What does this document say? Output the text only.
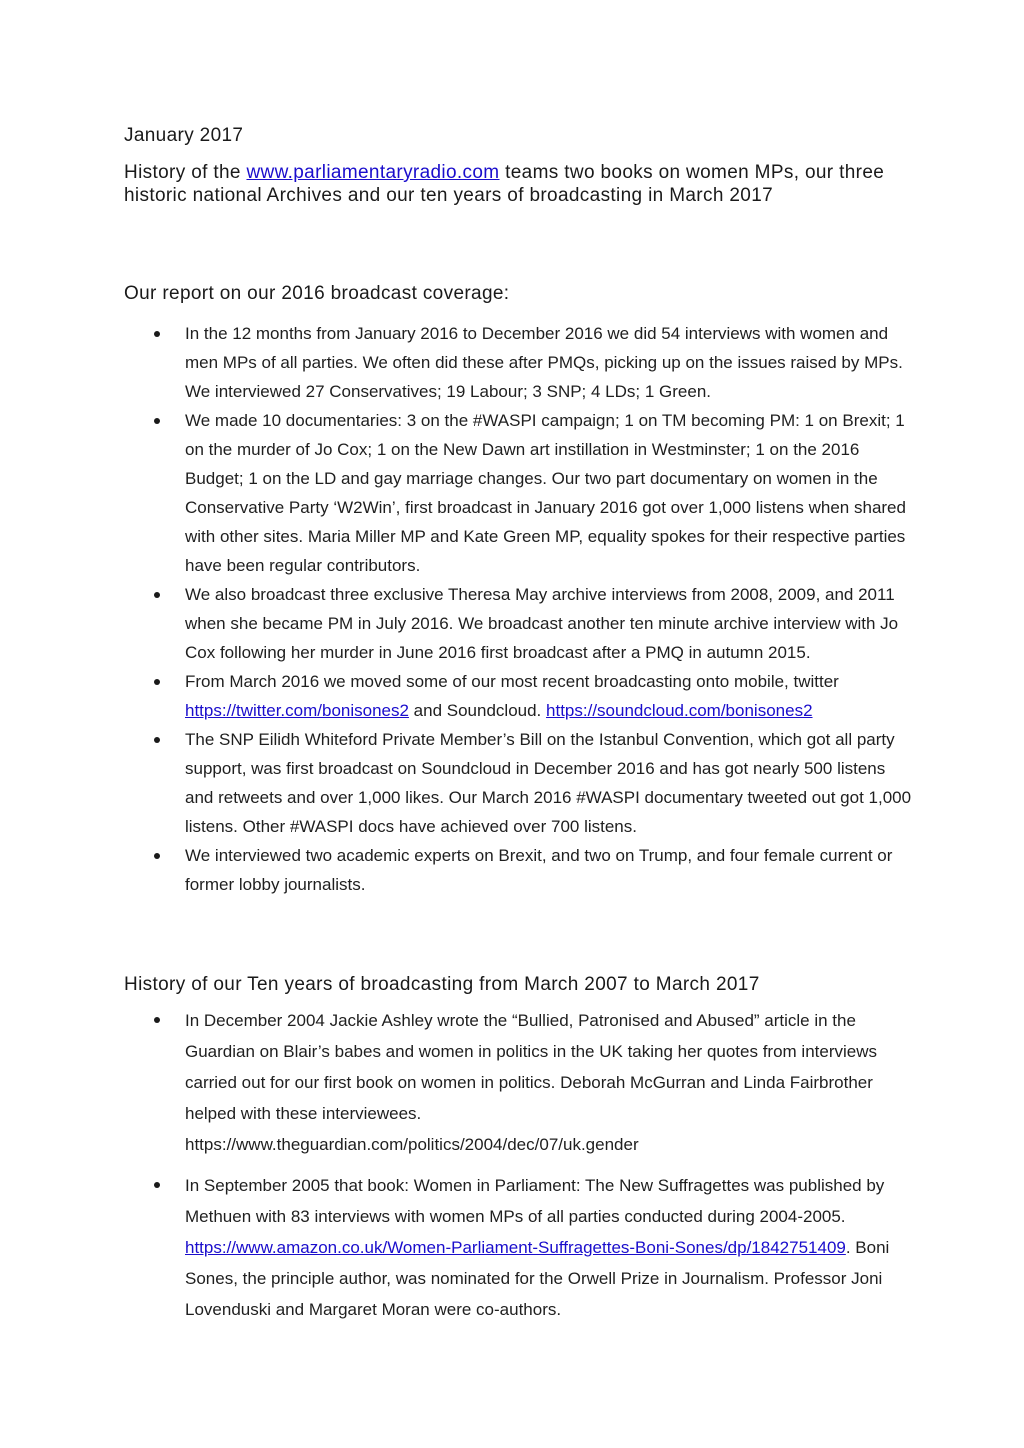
January 2017

History of the www.parliamentaryradio.com teams two books on women MPs, our three historic national Archives and our ten years of broadcasting in March 2017

Our report on our 2016 broadcast coverage:

In the 12 months from January 2016 to December 2016 we did 54 interviews with women and men MPs of all parties. We often did these after PMQs, picking up on the issues raised by MPs. We interviewed 27 Conservatives; 19 Labour; 3 SNP; 4 LDs; 1 Green.
We made 10 documentaries: 3 on the #WASPI campaign; 1 on TM becoming PM: 1 on Brexit; 1 on the murder of Jo Cox; 1 on the New Dawn art instillation in Westminster; 1 on the 2016 Budget; 1 on the LD and gay marriage changes. Our two part documentary on women in the Conservative Party ‘W2Win’, first broadcast in January 2016 got over 1,000 listens when shared with other sites. Maria Miller MP and Kate Green MP, equality spokes for their respective parties have been regular contributors.
We also broadcast three exclusive Theresa May archive interviews from 2008, 2009, and 2011 when she became PM in July 2016. We broadcast another ten minute archive interview with Jo Cox following her murder in June 2016 first broadcast after a PMQ in autumn 2015.
From March 2016 we moved some of our most recent broadcasting onto mobile, twitter https://twitter.com/bonisones2 and Soundcloud. https://soundcloud.com/bonisones2
The SNP Eilidh Whiteford Private Member’s Bill on the Istanbul Convention, which got all party support, was first broadcast on Soundcloud in December 2016 and has got nearly 500 listens and retweets and over 1,000 likes. Our March 2016 #WASPI documentary tweeted out got 1,000 listens. Other #WASPI docs have achieved over 700 listens.
We interviewed two academic experts on Brexit, and two on Trump, and four female current or former lobby journalists.

History of our Ten years of broadcasting from March 2007 to March 2017

In December 2004 Jackie Ashley wrote the “Bullied, Patronised and Abused” article in the Guardian on Blair’s babes and women in politics in the UK taking her quotes from interviews carried out for our first book on women in politics. Deborah McGurran and Linda Fairbrother helped with these interviewees.
https://www.theguardian.com/politics/2004/dec/07/uk.gender
In September 2005 that book: Women in Parliament: The New Suffragettes was published by Methuen with 83 interviews with women MPs of all parties conducted during 2004-2005. https://www.amazon.co.uk/Women-Parliament-Suffragettes-Boni-Sones/dp/1842751409. Boni Sones, the principle author, was nominated for the Orwell Prize in Journalism. Professor Joni Lovenduski and Margaret Moran were co-authors.
